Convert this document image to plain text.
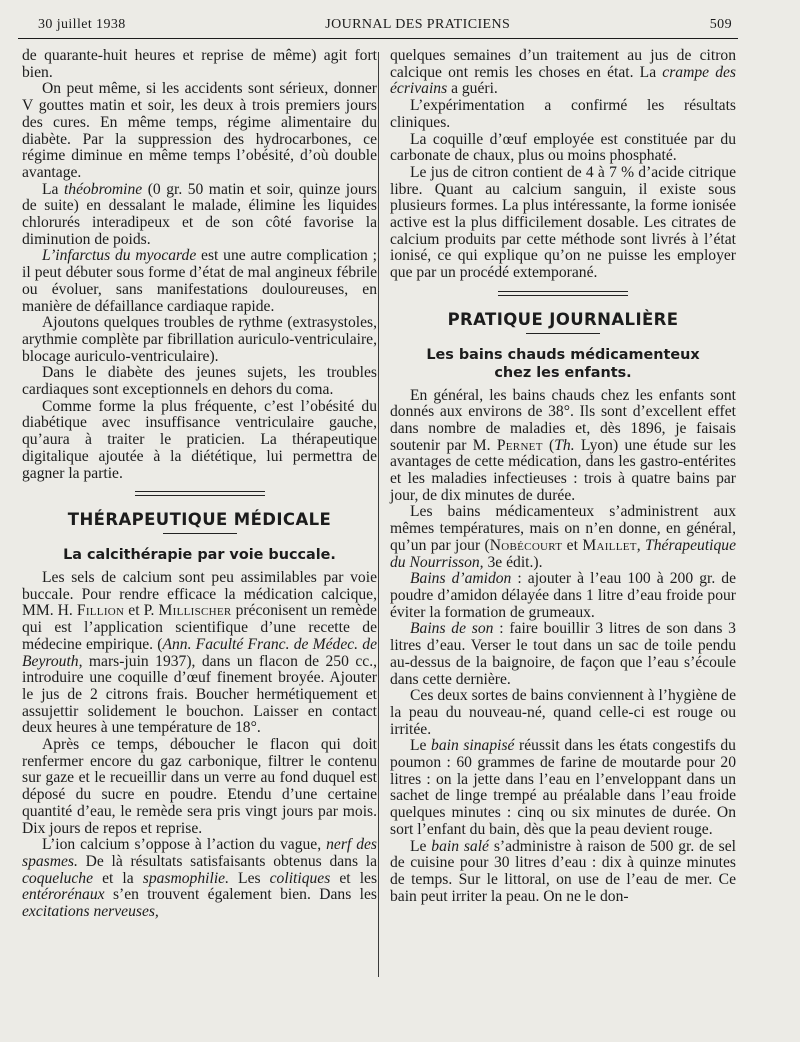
30 juillet 1938	JOURNAL DES PRATICIENS	509

de quarante-huit heures et reprise de même) agit fort bien.

On peut même, si les accidents sont sérieux, donner V gouttes matin et soir, les deux à trois premiers jours des cures. En même temps, régime alimentaire du diabète. Par la suppression des hydrocarbones, ce régime diminue en même temps l’obésité, d’où double avantage.

La théobromine (0 gr. 50 matin et soir, quinze jours de suite) en dessalant le malade, élimine les liquides chlorurés interadipeux et de son côté favorise la diminution de poids.

L’infarctus du myocarde est une autre complication ; il peut débuter sous forme d’état de mal angineux fébrile ou évoluer, sans manifestations douloureuses, en manière de défaillance cardiaque rapide.

Ajoutons quelques troubles de rythme (extrasystoles, arythmie complète par fibrillation auriculo-ventriculaire, blocage auriculo-ventriculaire).

Dans le diabète des jeunes sujets, les troubles cardiaques sont exceptionnels en dehors du coma.

Comme forme la plus fréquente, c’est l’obésité du diabétique avec insuffisance ventriculaire gauche, qu’aura à traiter le praticien. La thérapeutique digitalique ajoutée à la diététique, lui permettra de gagner la partie.

THÉRAPEUTIQUE MÉDICALE
La calcithérapie par voie buccale.

Les sels de calcium sont peu assimilables par voie buccale. Pour rendre efficace la médication calcique, MM. H. Fillion et P. Millischer préconisent un remède qui est l’application scientifique d’une recette de médecine empirique. (Ann. Faculté Franc. de Médec. de Beyrouth, mars-juin 1937), dans un flacon de 250 cc., introduire une coquille d’œuf finement broyée. Ajouter le jus de 2 citrons frais. Boucher hermétiquement et assujettir solidement le bouchon. Laisser en contact deux heures à une température de 18°.

Après ce temps, déboucher le flacon qui doit renfermer encore du gaz carbonique, filtrer le contenu sur gaze et le recueillir dans un verre au fond duquel est déposé du sucre en poudre. Etendu d’une certaine quantité d’eau, le remède sera pris vingt jours par mois. Dix jours de repos et reprise.

L’ion calcium s’oppose à l’action du vague, nerf des spasmes. De là résultats satisfaisants obtenus dans la coqueluche et la spasmophilie. Les colitiques et les entérorénaux s’en trouvent également bien. Dans les excitations nerveuses,

quelques semaines d’un traitement au jus de citron calcique ont remis les choses en état. La crampe des écrivains a guéri.

L’expérimentation a confirmé les résultats cliniques.

La coquille d’œuf employée est constituée par du carbonate de chaux, plus ou moins phosphaté.

Le jus de citron contient de 4 à 7 % d’acide citrique libre. Quant au calcium sanguin, il existe sous plusieurs formes. La plus intéressante, la forme ionisée active est la plus difficilement dosable. Les citrates de calcium produits par cette méthode sont livrés à l’état ionisé, ce qui explique qu’on ne puisse les employer que par un procédé extemporané.

PRATIQUE JOURNALIÈRE
Les bains chauds médicamenteux
chez les enfants.

En général, les bains chauds chez les enfants sont donnés aux environs de 38°. Ils sont d’excellent effet dans nombre de maladies et, dès 1896, je faisais soutenir par M. Pernet (Th. Lyon) une étude sur les avantages de cette médication, dans les gastro-entérites et les maladies infectieuses : trois à quatre bains par jour, de dix minutes de durée.

Les bains médicamenteux s’administrent aux mêmes températures, mais on n’en donne, en général, qu’un par jour (Nobécourt et Maillet, Thérapeutique du Nourrisson, 3e édit.).

Bains d’amidon : ajouter à l’eau 100 à 200 gr. de poudre d’amidon délayée dans 1 litre d’eau froide pour éviter la formation de grumeaux.

Bains de son : faire bouillir 3 litres de son dans 3 litres d’eau. Verser le tout dans un sac de toile pendu au-dessus de la baignoire, de façon que l’eau s’écoule dans cette dernière.

Ces deux sortes de bains conviennent à l’hygiène de la peau du nouveau-né, quand celle-ci est rouge ou irritée.

Le bain sinapisé réussit dans les états congestifs du poumon : 60 grammes de farine de moutarde pour 20 litres : on la jette dans l’eau en l’enveloppant dans un sachet de linge trempé au préalable dans l’eau froide quelques minutes : cinq ou six minutes de durée. On sort l’enfant du bain, dès que la peau devient rouge.

Le bain salé s’administre à raison de 500 gr. de sel de cuisine pour 30 litres d’eau : dix à quinze minutes de temps. Sur le littoral, on use de l’eau de mer. Ce bain peut irriter la peau. On ne le don-
